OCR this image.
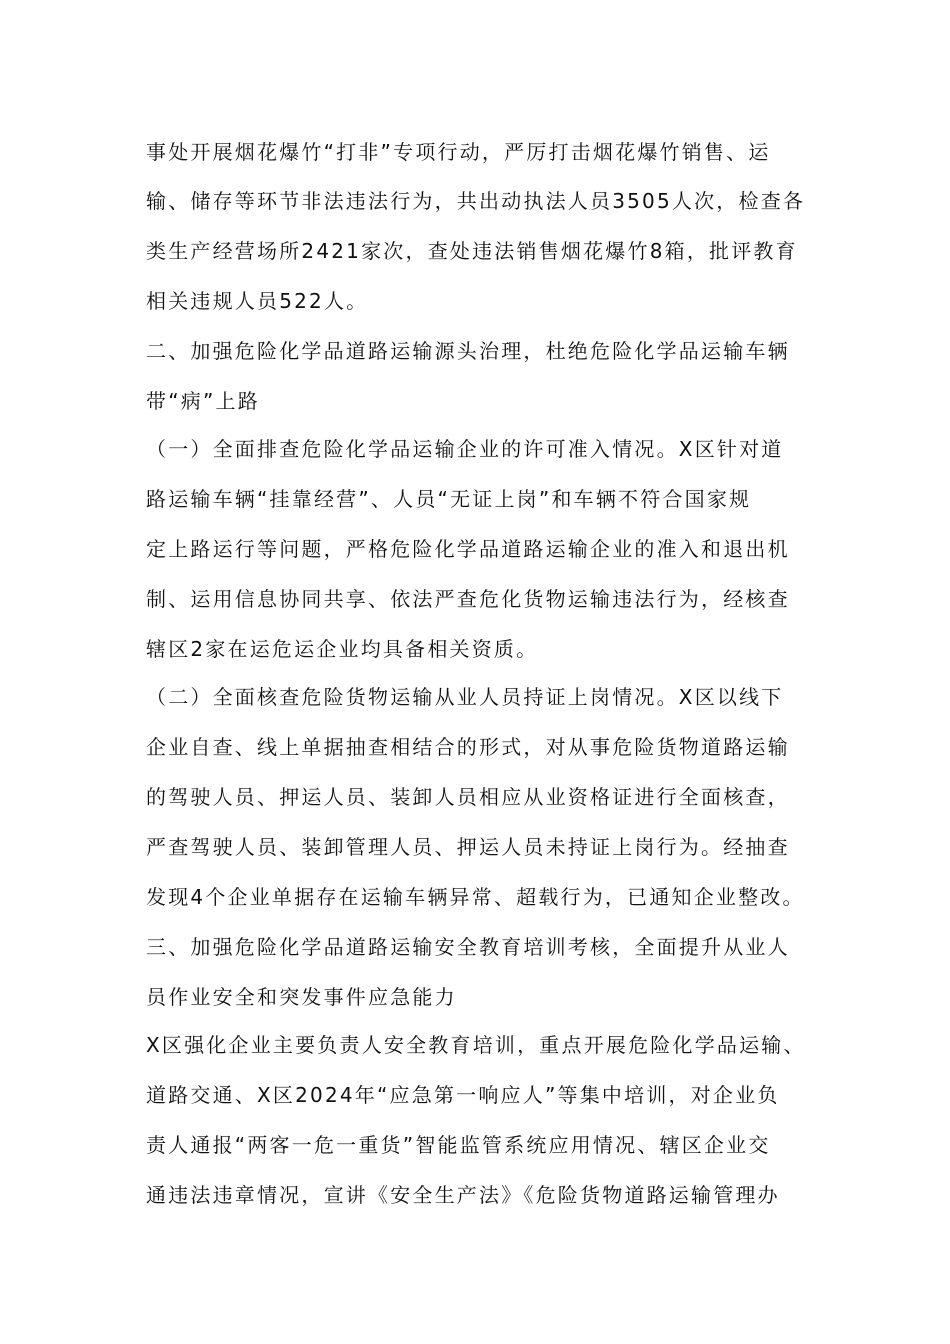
事处开展烟花爆竹“打非”专项行动，严厉打击烟花爆竹销售、运
输、储存等环节非法违法行为，共出动执法人员3505人次，检查各
类生产经营场所2421家次，查处违法销售烟花爆竹8箱，批评教育
相关违规人员522人。
二、加强危险化学品道路运输源头治理，杜绝危险化学品运输车辆
带“病”上路
（一）全面排查危险化学品运输企业的许可准入情况。X区针对道
路运输车辆“挂靠经营”、人员“无证上岗”和车辆不符合国家规
定上路运行等问题，严格危险化学品道路运输企业的准入和退出机
制、运用信息协同共享、依法严查危化货物运输违法行为，经核查
辖区2家在运危运企业均具备相关资质。
（二）全面核查危险货物运输从业人员持证上岗情况。X区以线下
企业自查、线上单据抽查相结合的形式，对从事危险货物道路运输
的驾驶人员、押运人员、装卸人员相应从业资格证进行全面核查，
严查驾驶人员、装卸管理人员、押运人员未持证上岗行为。经抽查
发现4个企业单据存在运输车辆异常、超载行为，已通知企业整改。
三、加强危险化学品道路运输安全教育培训考核，全面提升从业人
员作业安全和突发事件应急能力
X区强化企业主要负责人安全教育培训，重点开展危险化学品运输、
道路交通、X区2024年“应急第一响应人”等集中培训，对企业负
责人通报“两客一危一重货”智能监管系统应用情况、辖区企业交
通违法违章情况，宣讲《安全生产法》《危险货物道路运输管理办
